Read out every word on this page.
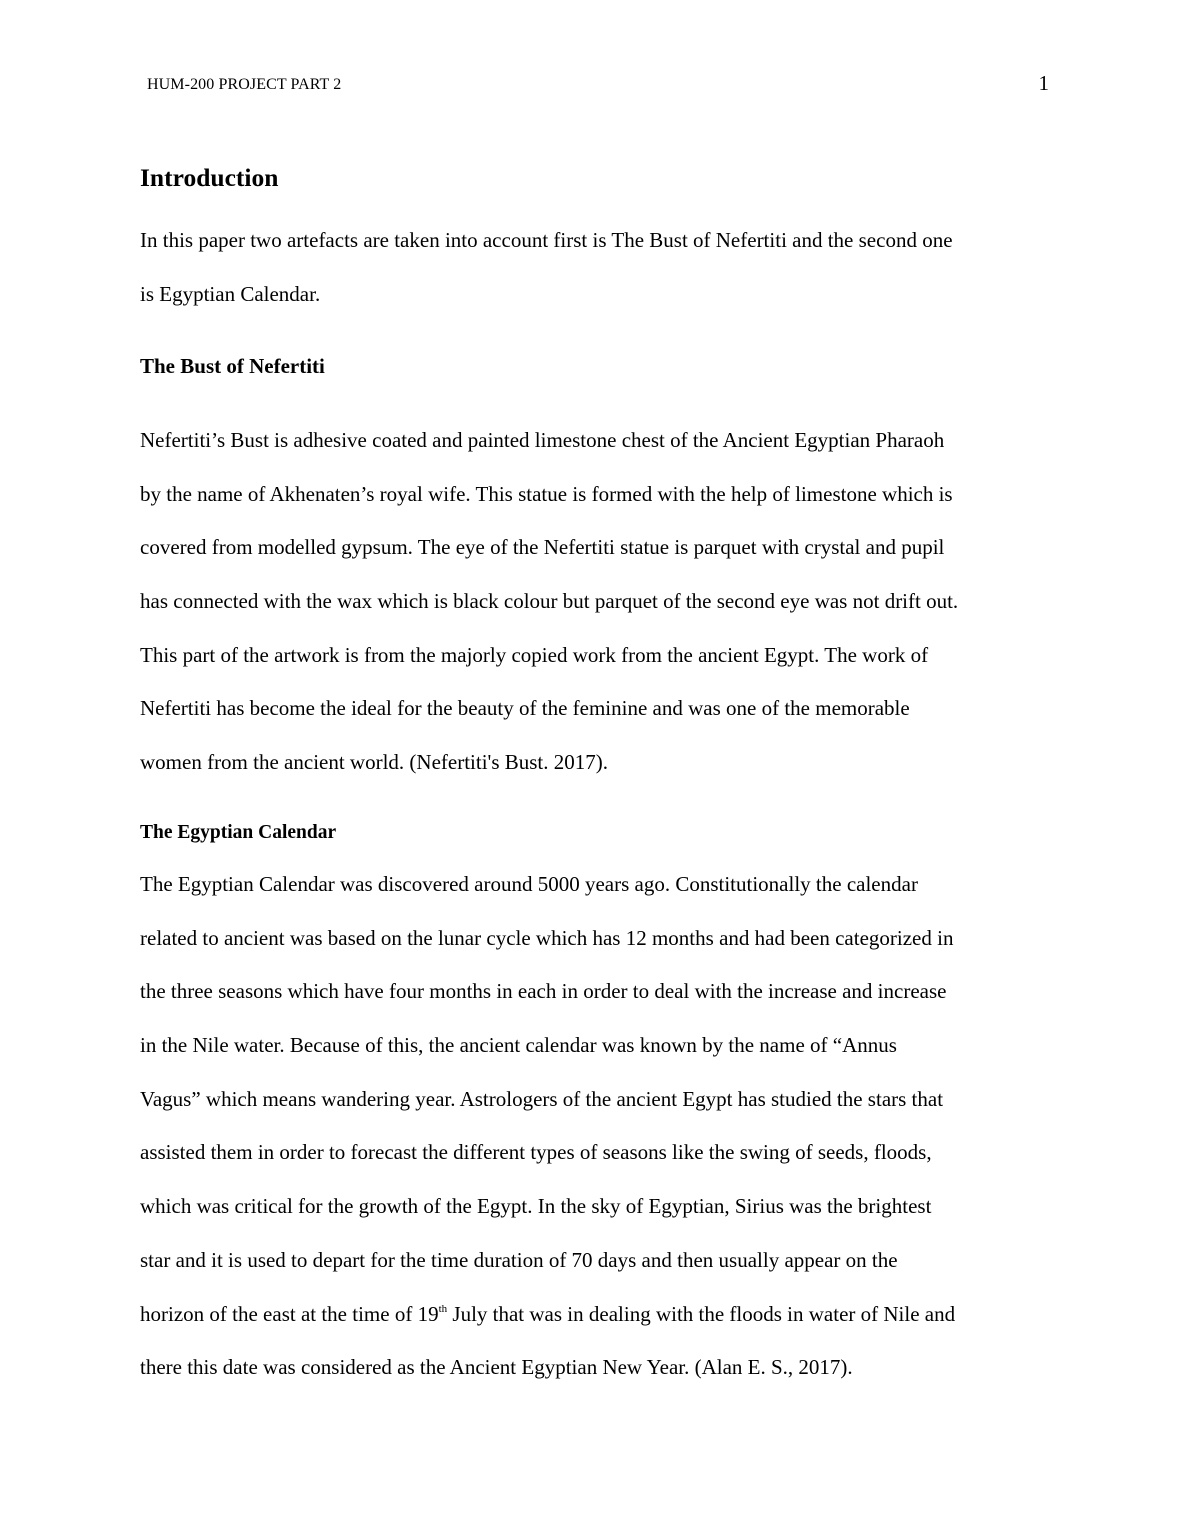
HUM-200 PROJECT PART 2	1
Introduction
In this paper two artefacts are taken into account first is The Bust of Nefertiti and the second one
is Egyptian Calendar.
The Bust of Nefertiti
Nefertiti’s Bust is adhesive coated and painted limestone chest of the Ancient Egyptian Pharaoh
by the name of Akhenaten’s royal wife. This statue is formed with the help of limestone which is
covered from modelled gypsum. The eye of the Nefertiti statue is parquet with crystal and pupil
has connected with the wax which is black colour but parquet of the second eye was not drift out.
This part of the artwork is from the majorly copied work from the ancient Egypt. The work of
Nefertiti has become the ideal for the beauty of the feminine and was one of the memorable
women from the ancient world. (Nefertiti's Bust. 2017).
The Egyptian Calendar
The Egyptian Calendar was discovered around 5000 years ago. Constitutionally the calendar
related to ancient was based on the lunar cycle which has 12 months and had been categorized in
the three seasons which have four months in each in order to deal with the increase and increase
in the Nile water. Because of this, the ancient calendar was known by the name of “Annus
Vagus” which means wandering year. Astrologers of the ancient Egypt has studied the stars that
assisted them in order to forecast the different types of seasons like the swing of seeds, floods,
which was critical for the growth of the Egypt. In the sky of Egyptian, Sirius was the brightest
star and it is used to depart for the time duration of 70 days and then usually appear on the
horizon of the east at the time of 19th July that was in dealing with the floods in water of Nile and
there this date was considered as the Ancient Egyptian New Year. (Alan E. S., 2017).
